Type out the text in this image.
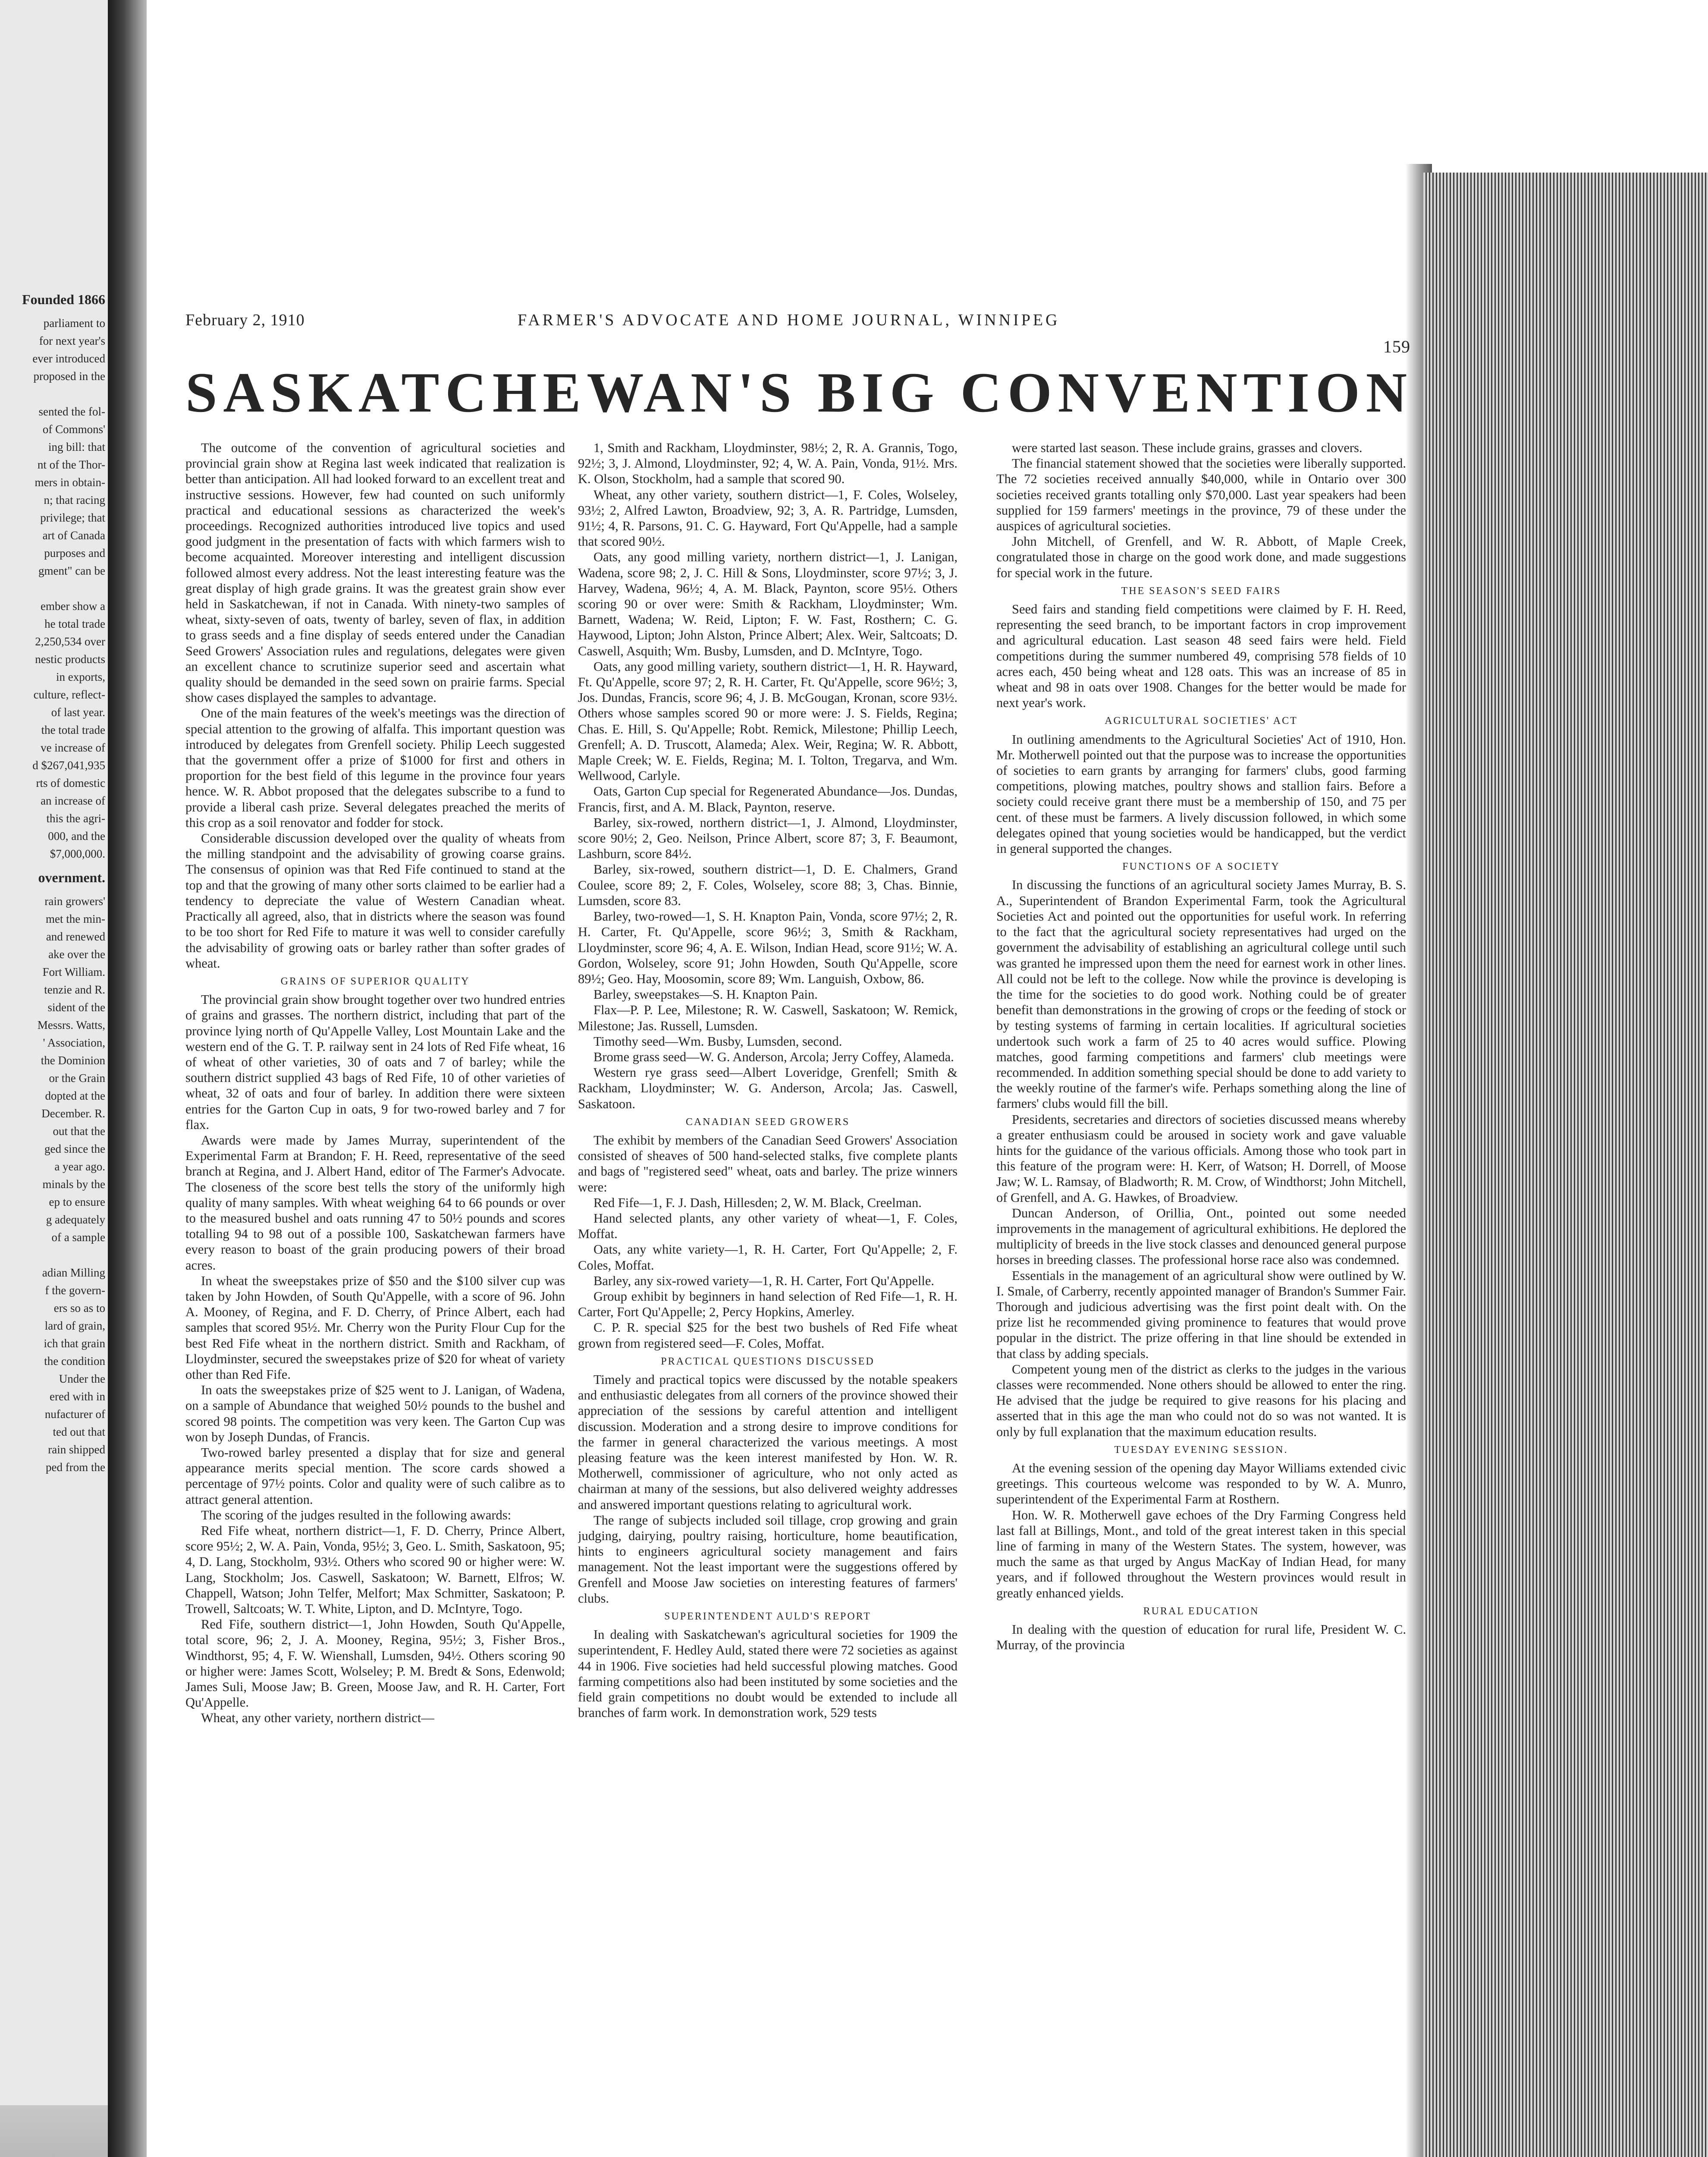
Founded 1866
parliament to
for next year's
ever introduced
proposed in the

sented the fol-
of Commons'
ing bill: that
nt of the Thor-
mers in obtain-
n; that racing
privilege; that
art of Canada
purposes and
gment" can be

ember show a
he total trade
2,250,534 over
nestic products
in exports,
culture, reflect-
of last year.
the total trade
ve increase of
d $267,041,935
rts of domestic
an increase of
this the agri-
000, and the
$7,000,000.
overnment.
rain growers'
met the min-
and renewed
ake over the
Fort William.
tenzie and R.
sident of the
Messrs. Watts,
' Association,
the Dominion
or the Grain
dopted at the
December. R.
out that the
ged since the
a year ago.
minals by the
ep to ensure
g adequately
of a sample

adian Milling
f the govern-
ers so as to
lard of grain,
ich that grain
the condition
Under the
ered with in
nufacturer of
ted out that
rain shipped
ped from the
February 2, 1910	FARMER'S ADVOCATE AND HOME JOURNAL, WINNIPEG
159
SASKATCHEWAN'S BIG CONVENTION

The outcome of the convention of agricultural societies and provincial grain show at Regina last week indicated that realization is better than anticipation. All had looked forward to an excellent treat and instructive sessions. However, few had counted on such uniformly practical and educational sessions as characterized the week's proceedings. Recognized authorities introduced live topics and used good judgment in the presentation of facts with which farmers wish to become acquainted. Moreover interesting and intelligent discussion followed almost every address. Not the least interesting feature was the great display of high grade grains. It was the greatest grain show ever held in Saskatchewan, if not in Canada. With ninety-two samples of wheat, sixty-seven of oats, twenty of barley, seven of flax, in addition to grass seeds and a fine display of seeds entered under the Canadian Seed Growers' Association rules and regulations, delegates were given an excellent chance to scrutinize superior seed and ascertain what quality should be demanded in the seed sown on prairie farms. Special show cases displayed the samples to advantage.

One of the main features of the week's meetings was the direction of special attention to the growing of alfalfa. This important question was introduced by delegates from Grenfell society. Philip Leech suggested that the government offer a prize of $1000 for first and others in proportion for the best field of this legume in the province four years hence. W. R. Abbot proposed that the delegates subscribe to a fund to provide a liberal cash prize. Several delegates preached the merits of this crop as a soil renovator and fodder for stock.

Considerable discussion developed over the quality of wheats from the milling standpoint and the advisability of growing coarse grains. The consensus of opinion was that Red Fife continued to stand at the top and that the growing of many other sorts claimed to be earlier had a tendency to depreciate the value of Western Canadian wheat. Practically all agreed, also, that in districts where the season was found to be too short for Red Fife to mature it was well to consider carefully the advisability of growing oats or barley rather than softer grades of wheat.

GRAINS OF SUPERIOR QUALITY

The provincial grain show brought together over two hundred entries of grains and grasses. The northern district, including that part of the province lying north of Qu'Appelle Valley, Lost Mountain Lake and the western end of the G. T. P. railway sent in 24 lots of Red Fife wheat, 16 of wheat of other varieties, 30 of oats and 7 of barley; while the southern district supplied 43 bags of Red Fife, 10 of other varieties of wheat, 32 of oats and four of barley. In addition there were sixteen entries for the Garton Cup in oats, 9 for two-rowed barley and 7 for flax.

Awards were made by James Murray, superintendent of the Experimental Farm at Brandon; F. H. Reed, representative of the seed branch at Regina, and J. Albert Hand, editor of The Farmer's Advocate. The closeness of the score best tells the story of the uniformly high quality of many samples. With wheat weighing 64 to 66 pounds or over to the measured bushel and oats running 47 to 50½ pounds and scores totalling 94 to 98 out of a possible 100, Saskatchewan farmers have every reason to boast of the grain producing powers of their broad acres.

In wheat the sweepstakes prize of $50 and the $100 silver cup was taken by John Howden, of South Qu'Appelle, with a score of 96. John A. Mooney, of Regina, and F. D. Cherry, of Prince Albert, each had samples that scored 95½. Mr. Cherry won the Purity Flour Cup for the best Red Fife wheat in the northern district. Smith and Rackham, of Lloydminster, secured the sweepstakes prize of $20 for wheat of variety other than Red Fife.

In oats the sweepstakes prize of $25 went to J. Lanigan, of Wadena, on a sample of Abundance that weighed 50½ pounds to the bushel and scored 98 points. The competition was very keen. The Garton Cup was won by Joseph Dundas, of Francis.

Two-rowed barley presented a display that for size and general appearance merits special mention. The score cards showed a percentage of 97½ points. Color and quality were of such calibre as to attract general attention.

The scoring of the judges resulted in the following awards:

Red Fife wheat, northern district—1, F. D. Cherry, Prince Albert, score 95½; 2, W. A. Pain, Vonda, 95½; 3, Geo. L. Smith, Saskatoon, 95; 4, D. Lang, Stockholm, 93½. Others who scored 90 or higher were: W. Lang, Stockholm; Jos. Caswell, Saskatoon; W. Barnett, Elfros; W. Chappell, Watson; John Telfer, Melfort; Max Schmitter, Saskatoon; P. Trowell, Saltcoats; W. T. White, Lipton, and D. McIntyre, Togo.

Red Fife, southern district—1, John Howden, South Qu'Appelle, total score, 96; 2, J. A. Mooney, Regina, 95½; 3, Fisher Bros., Windthorst, 95; 4, F. W. Wienshall, Lumsden, 94½. Others scoring 90 or higher were: James Scott, Wolseley; P. M. Bredt & Sons, Edenwold; James Suli, Moose Jaw; B. Green, Moose Jaw, and R. H. Carter, Fort Qu'Appelle.

Wheat, any other variety, northern district—

1, Smith and Rackham, Lloydminster, 98½; 2, R. A. Grannis, Togo, 92½; 3, J. Almond, Lloydminster, 92; 4, W. A. Pain, Vonda, 91½. Mrs. K. Olson, Stockholm, had a sample that scored 90.

Wheat, any other variety, southern district—1, F. Coles, Wolseley, 93½; 2, Alfred Lawton, Broadview, 92; 3, A. R. Partridge, Lumsden, 91½; 4, R. Parsons, 91. C. G. Hayward, Fort Qu'Appelle, had a sample that scored 90½.

Oats, any good milling variety, northern district—1, J. Lanigan, Wadena, score 98; 2, J. C. Hill & Sons, Lloydminster, score 97½; 3, J. Harvey, Wadena, 96½; 4, A. M. Black, Paynton, score 95½. Others scoring 90 or over were: Smith & Rackham, Lloydminster; Wm. Barnett, Wadena; W. Reid, Lipton; F. W. Fast, Rosthern; C. G. Haywood, Lipton; John Alston, Prince Albert; Alex. Weir, Saltcoats; D. Caswell, Asquith; Wm. Busby, Lumsden, and D. McIntyre, Togo.

Oats, any good milling variety, southern district—1, H. R. Hayward, Ft. Qu'Appelle, score 97; 2, R. H. Carter, Ft. Qu'Appelle, score 96½; 3, Jos. Dundas, Francis, score 96; 4, J. B. McGougan, Kronan, score 93½. Others whose samples scored 90 or more were: J. S. Fields, Regina; Chas. E. Hill, S. Qu'Appelle; Robt. Remick, Milestone; Phillip Leech, Grenfell; A. D. Truscott, Alameda; Alex. Weir, Regina; W. R. Abbott, Maple Creek; W. E. Fields, Regina; M. I. Tolton, Tregarva, and Wm. Wellwood, Carlyle.

Oats, Garton Cup special for Regenerated Abundance—Jos. Dundas, Francis, first, and A. M. Black, Paynton, reserve.

Barley, six-rowed, northern district—1, J. Almond, Lloydminster, score 90½; 2, Geo. Neilson, Prince Albert, score 87; 3, F. Beaumont, Lashburn, score 84½.

Barley, six-rowed, southern district—1, D. E. Chalmers, Grand Coulee, score 89; 2, F. Coles, Wolseley, score 88; 3, Chas. Binnie, Lumsden, score 83.

Barley, two-rowed—1, S. H. Knapton Pain, Vonda, score 97½; 2, R. H. Carter, Ft. Qu'Appelle, score 96½; 3, Smith & Rackham, Lloydminster, score 96; 4, A. E. Wilson, Indian Head, score 91½; W. A. Gordon, Wolseley, score 91; John Howden, South Qu'Appelle, score 89½; Geo. Hay, Moosomin, score 89; Wm. Languish, Oxbow, 86.

Barley, sweepstakes—S. H. Knapton Pain.

Flax—P. P. Lee, Milestone; R. W. Caswell, Saskatoon; W. Remick, Milestone; Jas. Russell, Lumsden.

Timothy seed—Wm. Busby, Lumsden, second.

Brome grass seed—W. G. Anderson, Arcola; Jerry Coffey, Alameda.

Western rye grass seed—Albert Loveridge, Grenfell; Smith & Rackham, Lloydminster; W. G. Anderson, Arcola; Jas. Caswell, Saskatoon.

CANADIAN SEED GROWERS

The exhibit by members of the Canadian Seed Growers' Association consisted of sheaves of 500 hand-selected stalks, five complete plants and bags of "registered seed" wheat, oats and barley. The prize winners were:

Red Fife—1, F. J. Dash, Hillesden; 2, W. M. Black, Creelman.

Hand selected plants, any other variety of wheat—1, F. Coles, Moffat.

Oats, any white variety—1, R. H. Carter, Fort Qu'Appelle; 2, F. Coles, Moffat.

Barley, any six-rowed variety—1, R. H. Carter, Fort Qu'Appelle.

Group exhibit by beginners in hand selection of Red Fife—1, R. H. Carter, Fort Qu'Appelle; 2, Percy Hopkins, Amerley.

C. P. R. special $25 for the best two bushels of Red Fife wheat grown from registered seed—F. Coles, Moffat.

PRACTICAL QUESTIONS DISCUSSED

Timely and practical topics were discussed by the notable speakers and enthusiastic delegates from all corners of the province showed their appreciation of the sessions by careful attention and intelligent discussion. Moderation and a strong desire to improve conditions for the farmer in general characterized the various meetings. A most pleasing feature was the keen interest manifested by Hon. W. R. Motherwell, commissioner of agriculture, who not only acted as chairman at many of the sessions, but also delivered weighty addresses and answered important questions relating to agricultural work.

The range of subjects included soil tillage, crop growing and grain judging, dairying, poultry raising, horticulture, home beautification, hints to engineers agricultural society management and fairs management. Not the least important were the suggestions offered by Grenfell and Moose Jaw societies on interesting features of farmers' clubs.

SUPERINTENDENT AULD'S REPORT

In dealing with Saskatchewan's agricultural societies for 1909 the superintendent, F. Hedley Auld, stated there were 72 societies as against 44 in 1906. Five societies had held successful plowing matches. Good farming competitions also had been instituted by some societies and the field grain competitions no doubt would be extended to include all branches of farm work. In demonstration work, 529 tests

were started last season. These include grains, grasses and clovers.

The financial statement showed that the societies were liberally supported. The 72 societies received annually $40,000, while in Ontario over 300 societies received grants totalling only $70,000. Last year speakers had been supplied for 159 farmers' meetings in the province, 79 of these under the auspices of agricultural societies.

John Mitchell, of Grenfell, and W. R. Abbott, of Maple Creek, congratulated those in charge on the good work done, and made suggestions for special work in the future.

THE SEASON'S SEED FAIRS

Seed fairs and standing field competitions were claimed by F. H. Reed, representing the seed branch, to be important factors in crop improvement and agricultural education. Last season 48 seed fairs were held. Field competitions during the summer numbered 49, comprising 578 fields of 10 acres each, 450 being wheat and 128 oats. This was an increase of 85 in wheat and 98 in oats over 1908. Changes for the better would be made for next year's work.

AGRICULTURAL SOCIETIES' ACT

In outlining amendments to the Agricultural Societies' Act of 1910, Hon. Mr. Motherwell pointed out that the purpose was to increase the opportunities of societies to earn grants by arranging for farmers' clubs, good farming competitions, plowing matches, poultry shows and stallion fairs. Before a society could receive grant there must be a membership of 150, and 75 per cent. of these must be farmers. A lively discussion followed, in which some delegates opined that young societies would be handicapped, but the verdict in general supported the changes.

FUNCTIONS OF A SOCIETY

In discussing the functions of an agricultural society James Murray, B. S. A., Superintendent of Brandon Experimental Farm, took the Agricultural Societies Act and pointed out the opportunities for useful work. In referring to the fact that the agricultural society representatives had urged on the government the advisability of establishing an agricultural college until such was granted he impressed upon them the need for earnest work in other lines. All could not be left to the college. Now while the province is developing is the time for the societies to do good work. Nothing could be of greater benefit than demonstrations in the growing of crops or the feeding of stock or by testing systems of farming in certain localities. If agricultural societies undertook such work a farm of 25 to 40 acres would suffice. Plowing matches, good farming competitions and farmers' club meetings were recommended. In addition something special should be done to add variety to the weekly routine of the farmer's wife. Perhaps something along the line of farmers' clubs would fill the bill.

Presidents, secretaries and directors of societies discussed means whereby a greater enthusiasm could be aroused in society work and gave valuable hints for the guidance of the various officials. Among those who took part in this feature of the program were: H. Kerr, of Watson; H. Dorrell, of Moose Jaw; W. L. Ramsay, of Bladworth; R. M. Crow, of Windthorst; John Mitchell, of Grenfell, and A. G. Hawkes, of Broadview.

Duncan Anderson, of Orillia, Ont., pointed out some needed improvements in the management of agricultural exhibitions. He deplored the multiplicity of breeds in the live stock classes and denounced general purpose horses in breeding classes. The professional horse race also was condemned.

Essentials in the management of an agricultural show were outlined by W. I. Smale, of Carberry, recently appointed manager of Brandon's Summer Fair. Thorough and judicious advertising was the first point dealt with. On the prize list he recommended giving prominence to features that would prove popular in the district. The prize offering in that line should be extended in that class by adding specials.

Competent young men of the district as clerks to the judges in the various classes were recommended. None others should be allowed to enter the ring. He advised that the judge be required to give reasons for his placing and asserted that in this age the man who could not do so was not wanted. It is only by full explanation that the maximum education results.

TUESDAY EVENING SESSION.

At the evening session of the opening day Mayor Williams extended civic greetings. This courteous welcome was responded to by W. A. Munro, superintendent of the Experimental Farm at Rosthern.

Hon. W. R. Motherwell gave echoes of the Dry Farming Congress held last fall at Billings, Mont., and told of the great interest taken in this special line of farming in many of the Western States. The system, however, was much the same as that urged by Angus MacKay of Indian Head, for many years, and if followed throughout the Western provinces would result in greatly enhanced yields.

RURAL EDUCATION

In dealing with the question of education for rural life, President W. C. Murray, of the provincia
